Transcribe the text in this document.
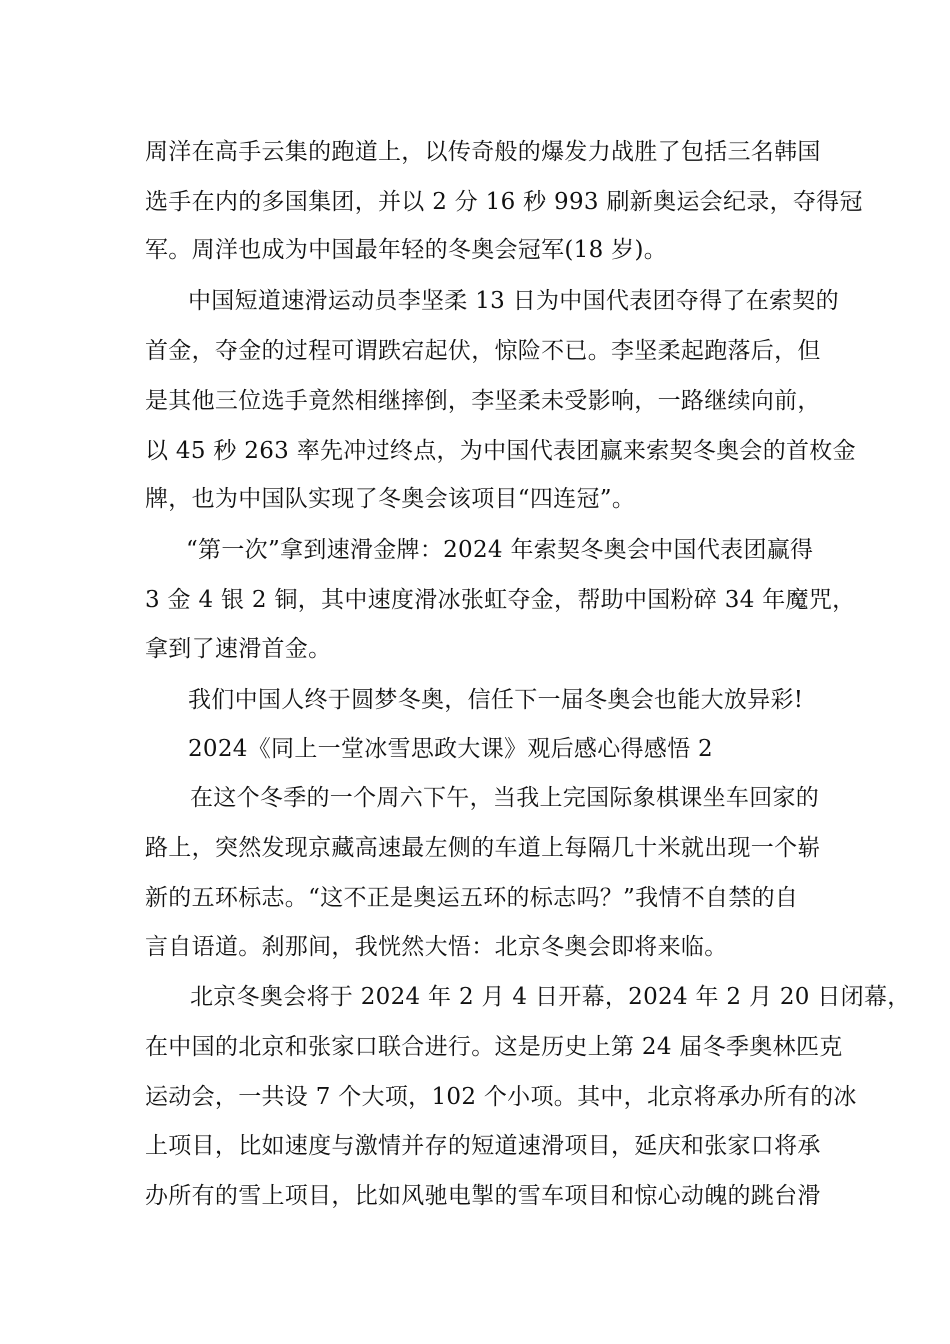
周洋在高手云集的跑道上，以传奇般的爆发力战胜了包括三名韩国
选手在内的多国集团，并以 2 分 16 秒 993 刷新奥运会纪录，夺得冠
军。周洋也成为中国最年轻的冬奥会冠军(18 岁)。
中国短道速滑运动员李坚柔 13 日为中国代表团夺得了在索契的
首金，夺金的过程可谓跌宕起伏，惊险不已。李坚柔起跑落后，但
是其他三位选手竟然相继摔倒，李坚柔未受影响，一路继续向前，
以 45 秒 263 率先冲过终点，为中国代表团赢来索契冬奥会的首枚金
牌，也为中国队实现了冬奥会该项目“四连冠”。
“第一次”拿到速滑金牌：2024 年索契冬奥会中国代表团赢得
3 金 4 银 2 铜，其中速度滑冰张虹夺金，帮助中国粉碎 34 年魔咒，
拿到了速滑首金。
我们中国人终于圆梦冬奥，信任下一届冬奥会也能大放异彩!
2024《同上一堂冰雪思政大课》观后感心得感悟 2
在这个冬季的一个周六下午，当我上完国际象棋课坐车回家的
路上，突然发现京藏高速最左侧的车道上每隔几十米就出现一个崭
新的五环标志。“这不正是奥运五环的标志吗？”我情不自禁的自
言自语道。刹那间，我恍然大悟：北京冬奥会即将来临。
北京冬奥会将于 2024 年 2 月 4 日开幕，2024 年 2 月 20 日闭幕，
在中国的北京和张家口联合进行。这是历史上第 24 届冬季奥林匹克
运动会，一共设 7 个大项，102 个小项。其中，北京将承办所有的冰
上项目，比如速度与激情并存的短道速滑项目，延庆和张家口将承
办所有的雪上项目，比如风驰电掣的雪车项目和惊心动魄的跳台滑
